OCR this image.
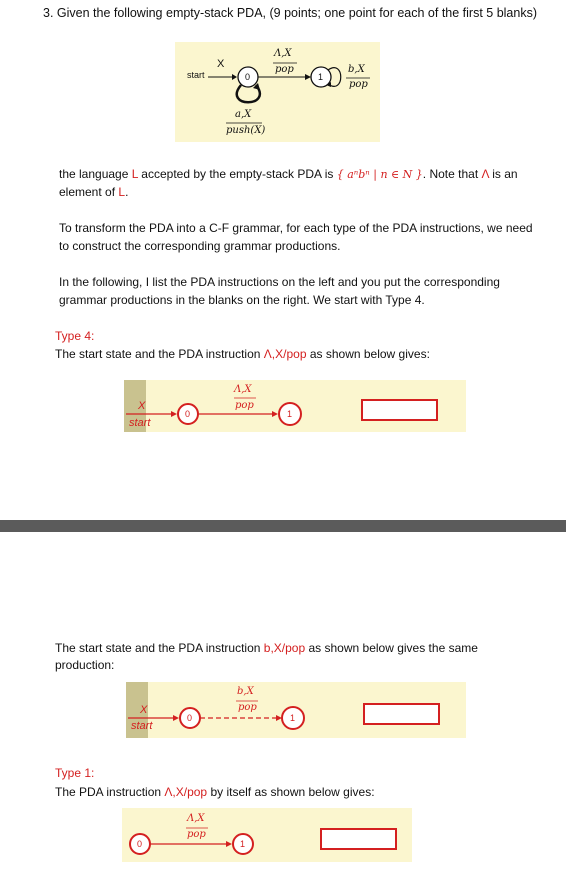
3. Given the following empty-stack PDA, (9 points; one point for each of the first 5 blanks)

start
X
0	1
Λ,X
pop	b,X
pop
a,X
push(X)

the language L accepted by the empty-stack PDA is { aⁿbⁿ | n ∈ N }. Note that Λ is an

element of L.

To transform the PDA into a C-F grammar, for each type of the PDA instructions, we need

to construct the corresponding grammar productions.

In the following, I list the PDA instructions on the left and you put the corresponding

grammar productions in the blanks on the right. We start with Type 4.

Type 4:

The start state and the PDA instruction Λ,X/pop as shown below gives:

X
start
0	1
Λ,X
pop

The start state and the PDA instruction b,X/pop as shown below gives the same

production:

X
start
0	1
b,X
pop

Type 1:

The PDA instruction Λ,X/pop by itself as shown below gives:

0	1
Λ,X
pop
